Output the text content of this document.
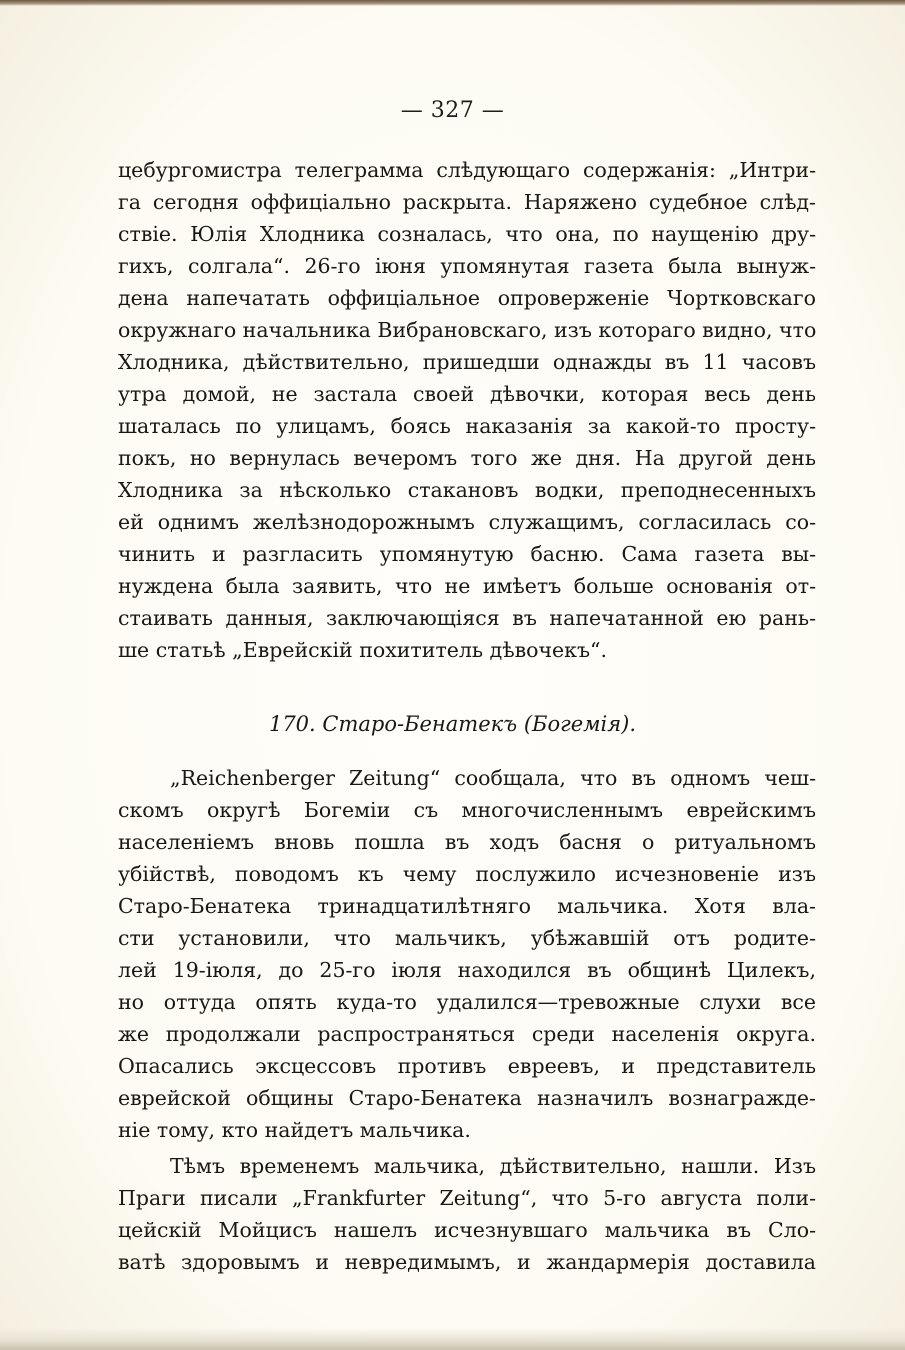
— 327 —
цебургомистра телеграмма слѣдующаго содержанія: „Интри-
га сегодня оффиціально раскрыта. Наряжено судебное слѣд-
ствіе. Юлія Хлодника созналась, что она, по наущенію дру-
гихъ, солгала“. 26-го іюня упомянутая газета была вынуж-
дена напечатать оффиціальное опроверженіе Чортковскаго
окружнаго начальника Вибрановскаго, изъ котораго видно, что
Хлодника, дѣйствительно, пришедши однажды въ 11 часовъ
утра домой, не застала своей дѣвочки, которая весь день
шаталась по улицамъ, боясь наказанія за какой-то просту-
покъ, но вернулась вечеромъ того же дня. На другой день
Хлодника за нѣсколько стакановъ водки, преподнесенныхъ
ей однимъ желѣзнодорожнымъ служащимъ, согласилась со-
чинить и разгласить упомянутую басню. Сама газета вы-
нуждена была заявить, что не имѣетъ больше основанія от-
стаивать данныя, заключающіяся въ напечатанной ею рань-
ше статьѣ „Еврейскій похититель дѣвочекъ“.
170. Старо-Бенатекъ (Богемія).
„Reichenberger Zeitung“ сообщала, что въ одномъ чеш-
скомъ округѣ Богеміи съ многочисленнымъ еврейскимъ
населеніемъ вновь пошла въ ходъ басня о ритуальномъ
убійствѣ, поводомъ къ чему послужило исчезновеніе изъ
Старо-Бенатека тринадцатилѣтняго мальчика. Хотя вла-
сти установили, что мальчикъ, убѣжавшій отъ родите-
лей 19-іюля, до 25-го іюля находился въ общинѣ Цилекъ,
но оттуда опять куда-то удалился—тревожные слухи все
же продолжали распространяться среди населенія округа.
Опасались эксцессовъ противъ евреевъ, и представитель
еврейской общины Старо-Бенатека назначилъ вознагражде-
ніе тому, кто найдетъ мальчика.
Тѣмъ временемъ мальчика, дѣйствительно, нашли. Изъ
Праги писали „Frankfurter Zeitung“, что 5-го августа поли-
цейскій Мойцисъ нашелъ исчезнувшаго мальчика въ Сло-
ватѣ здоровымъ и невредимымъ, и жандармерія доставила
